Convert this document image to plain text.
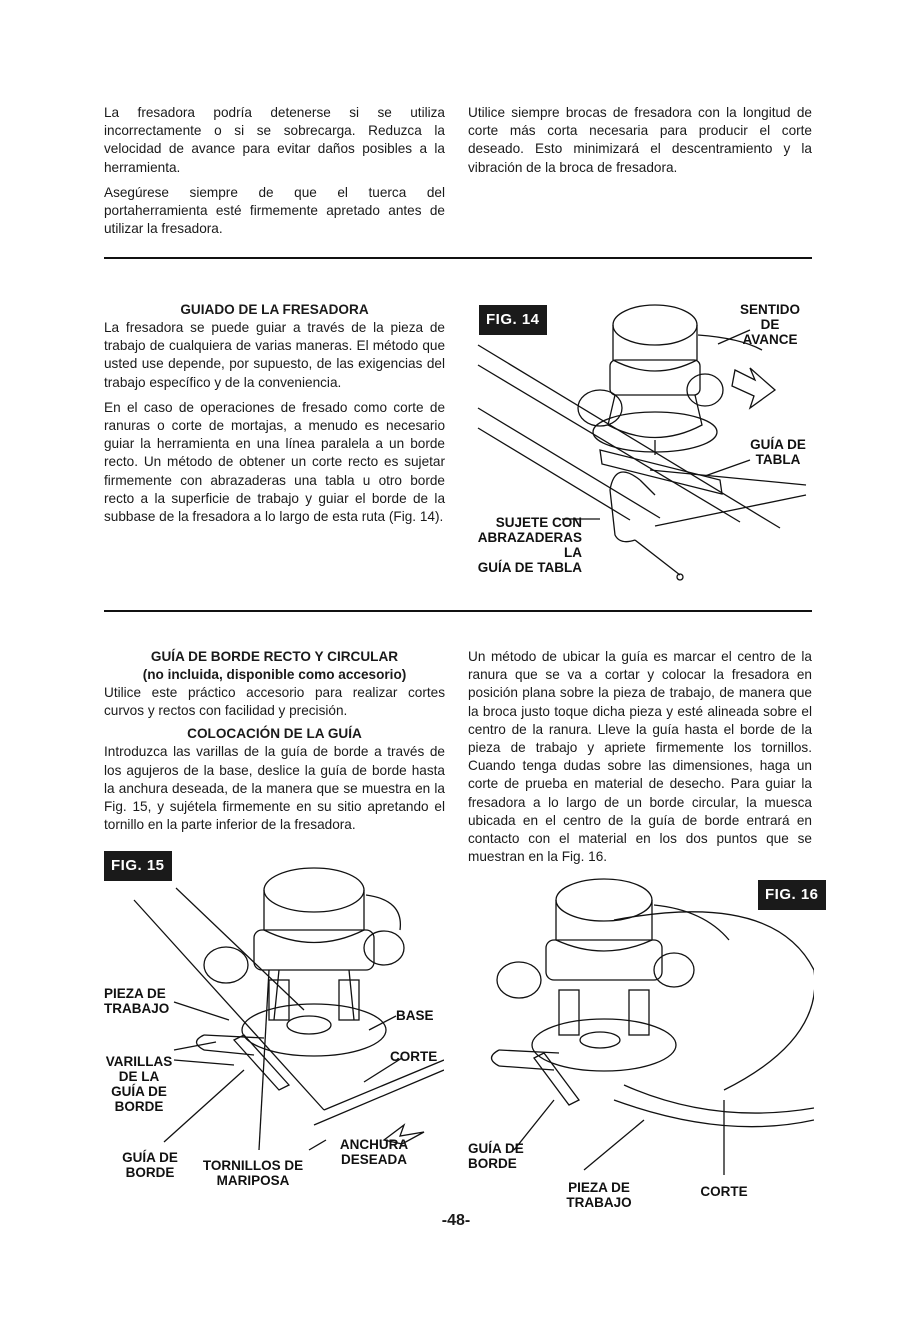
La fresadora podría detenerse si se utiliza incorrectamente o si se sobrecarga. Reduzca la velocidad de avance para evitar daños posibles a la herramienta.

Asegúrese siempre de que el tuerca del portaherramienta esté firmemente apretado antes de utilizar la fresadora.

Utilice siempre brocas de fresadora con la longitud de corte más corta necesaria para producir el corte deseado. Esto minimizará el descentramiento y la vibración de la broca de fresadora.

GUIADO DE LA FRESADORA

La fresadora se puede guiar a través de la pieza de trabajo de cualquiera de varias maneras. El método que usted use depende, por supuesto, de las exigencias del trabajo específico y de la conveniencia.

En el caso de operaciones de fresado como corte de ranuras o corte de mortajas, a menudo es necesario guiar la herramienta en una línea paralela a un borde recto. Un método de obtener un corte recto es sujetar firmemente con abrazaderas una tabla u otro borde recto a la superficie de trabajo y guiar el borde de la subbase de la fresadora a lo largo de esta ruta (Fig. 14).

FIG. 14
SENTIDO DE
AVANCE
GUÍA DE
TABLA
SUJETE CON
ABRAZADERAS LA
GUÍA DE TABLA
GUÍA DE BORDE RECTO Y CIRCULAR
(no incluida, disponible como accesorio)

Utilice este práctico accesorio para realizar cortes curvos y rectos con facilidad y precisión.

COLOCACIÓN DE LA GUÍA

Introduzca las varillas de la guía de borde a través de los agujeros de la base, deslice la guía de borde hasta la anchura deseada, de la manera que se muestra en la Fig. 15, y sujétela firmemente en su sitio apretando el tornillo en la parte inferior de la fresadora.

Un método de ubicar la guía es marcar el centro de la ranura que se va a cortar y colocar la fresadora en posición plana sobre la pieza de trabajo, de manera que la broca justo toque dicha pieza y esté alineada sobre el centro de la ranura. Lleve la guía hasta el borde de la pieza de trabajo y apriete firmemente los tornillos. Cuando tenga dudas sobre las dimensiones, haga un corte de prueba en material de desecho. Para guiar la fresadora a lo largo de un borde circular, la muesca ubicada en el centro de la guía de borde entrará en contacto con el material en los dos puntos que se muestran en la Fig. 16.

FIG. 15
PIEZA DE
TRABAJO	BASE
VARILLAS
DE LA
GUÍA DE
BORDE
CORTE
ANCHURA
DESEADA
GUÍA DE
BORDE	TORNILLOS DE
MARIPOSA
FIG. 16
GUÍA DE
BORDE
PIEZA DE TRABAJO
CORTE
-48-
